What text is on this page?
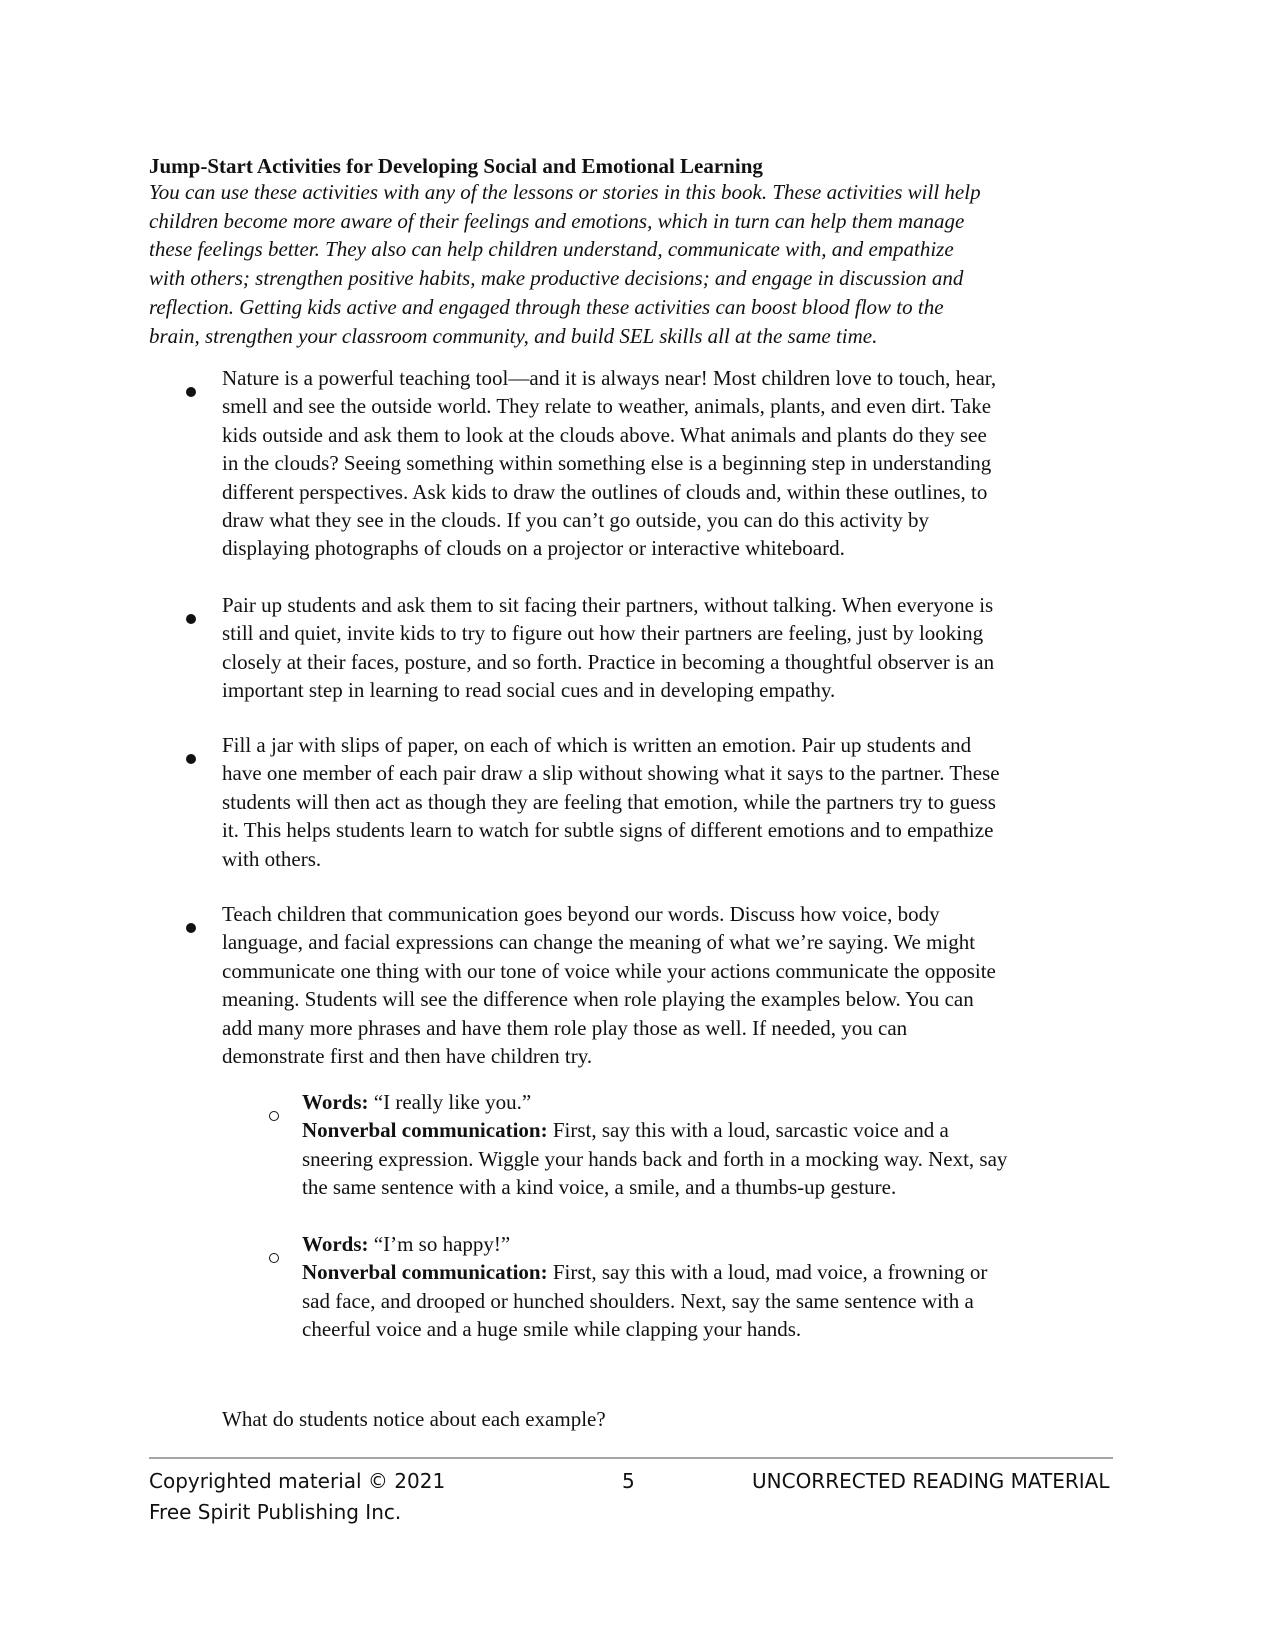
Jump-Start Activities for Developing Social and Emotional Learning
You can use these activities with any of the lessons or stories in this book. These activities will help
children become more aware of their feelings and emotions, which in turn can help them manage
these feelings better. They also can help children understand, communicate with, and empathize
with others; strengthen positive habits, make productive decisions; and engage in discussion and
reflection. Getting kids active and engaged through these activities can boost blood flow to the
brain, strengthen your classroom community, and build SEL skills all at the same time.
Nature is a powerful teaching tool—and it is always near! Most children love to touch, hear,
smell and see the outside world. They relate to weather, animals, plants, and even dirt. Take
kids outside and ask them to look at the clouds above. What animals and plants do they see
in the clouds? Seeing something within something else is a beginning step in understanding
different perspectives. Ask kids to draw the outlines of clouds and, within these outlines, to
draw what they see in the clouds. If you can’t go outside, you can do this activity by
displaying photographs of clouds on a projector or interactive whiteboard.
Pair up students and ask them to sit facing their partners, without talking. When everyone is
still and quiet, invite kids to try to figure out how their partners are feeling, just by looking
closely at their faces, posture, and so forth. Practice in becoming a thoughtful observer is an
important step in learning to read social cues and in developing empathy.
Fill a jar with slips of paper, on each of which is written an emotion. Pair up students and
have one member of each pair draw a slip without showing what it says to the partner. These
students will then act as though they are feeling that emotion, while the partners try to guess
it. This helps students learn to watch for subtle signs of different emotions and to empathize
with others.
Teach children that communication goes beyond our words. Discuss how voice, body
language, and facial expressions can change the meaning of what we’re saying. We might
communicate one thing with our tone of voice while your actions communicate the opposite
meaning. Students will see the difference when role playing the examples below. You can
add many more phrases and have them role play those as well. If needed, you can
demonstrate first and then have children try.
Words: “I really like you.”
Nonverbal communication: First, say this with a loud, sarcastic voice and a
sneering expression. Wiggle your hands back and forth in a mocking way. Next, say
the same sentence with a kind voice, a smile, and a thumbs-up gesture.
Words: “I’m so happy!”
Nonverbal communication: First, say this with a loud, mad voice, a frowning or
sad face, and drooped or hunched shoulders. Next, say the same sentence with a
cheerful voice and a huge smile while clapping your hands.
What do students notice about each example?
Copyrighted material © 2021
Free Spirit Publishing Inc.
5	UNCORRECTED READING MATERIAL
